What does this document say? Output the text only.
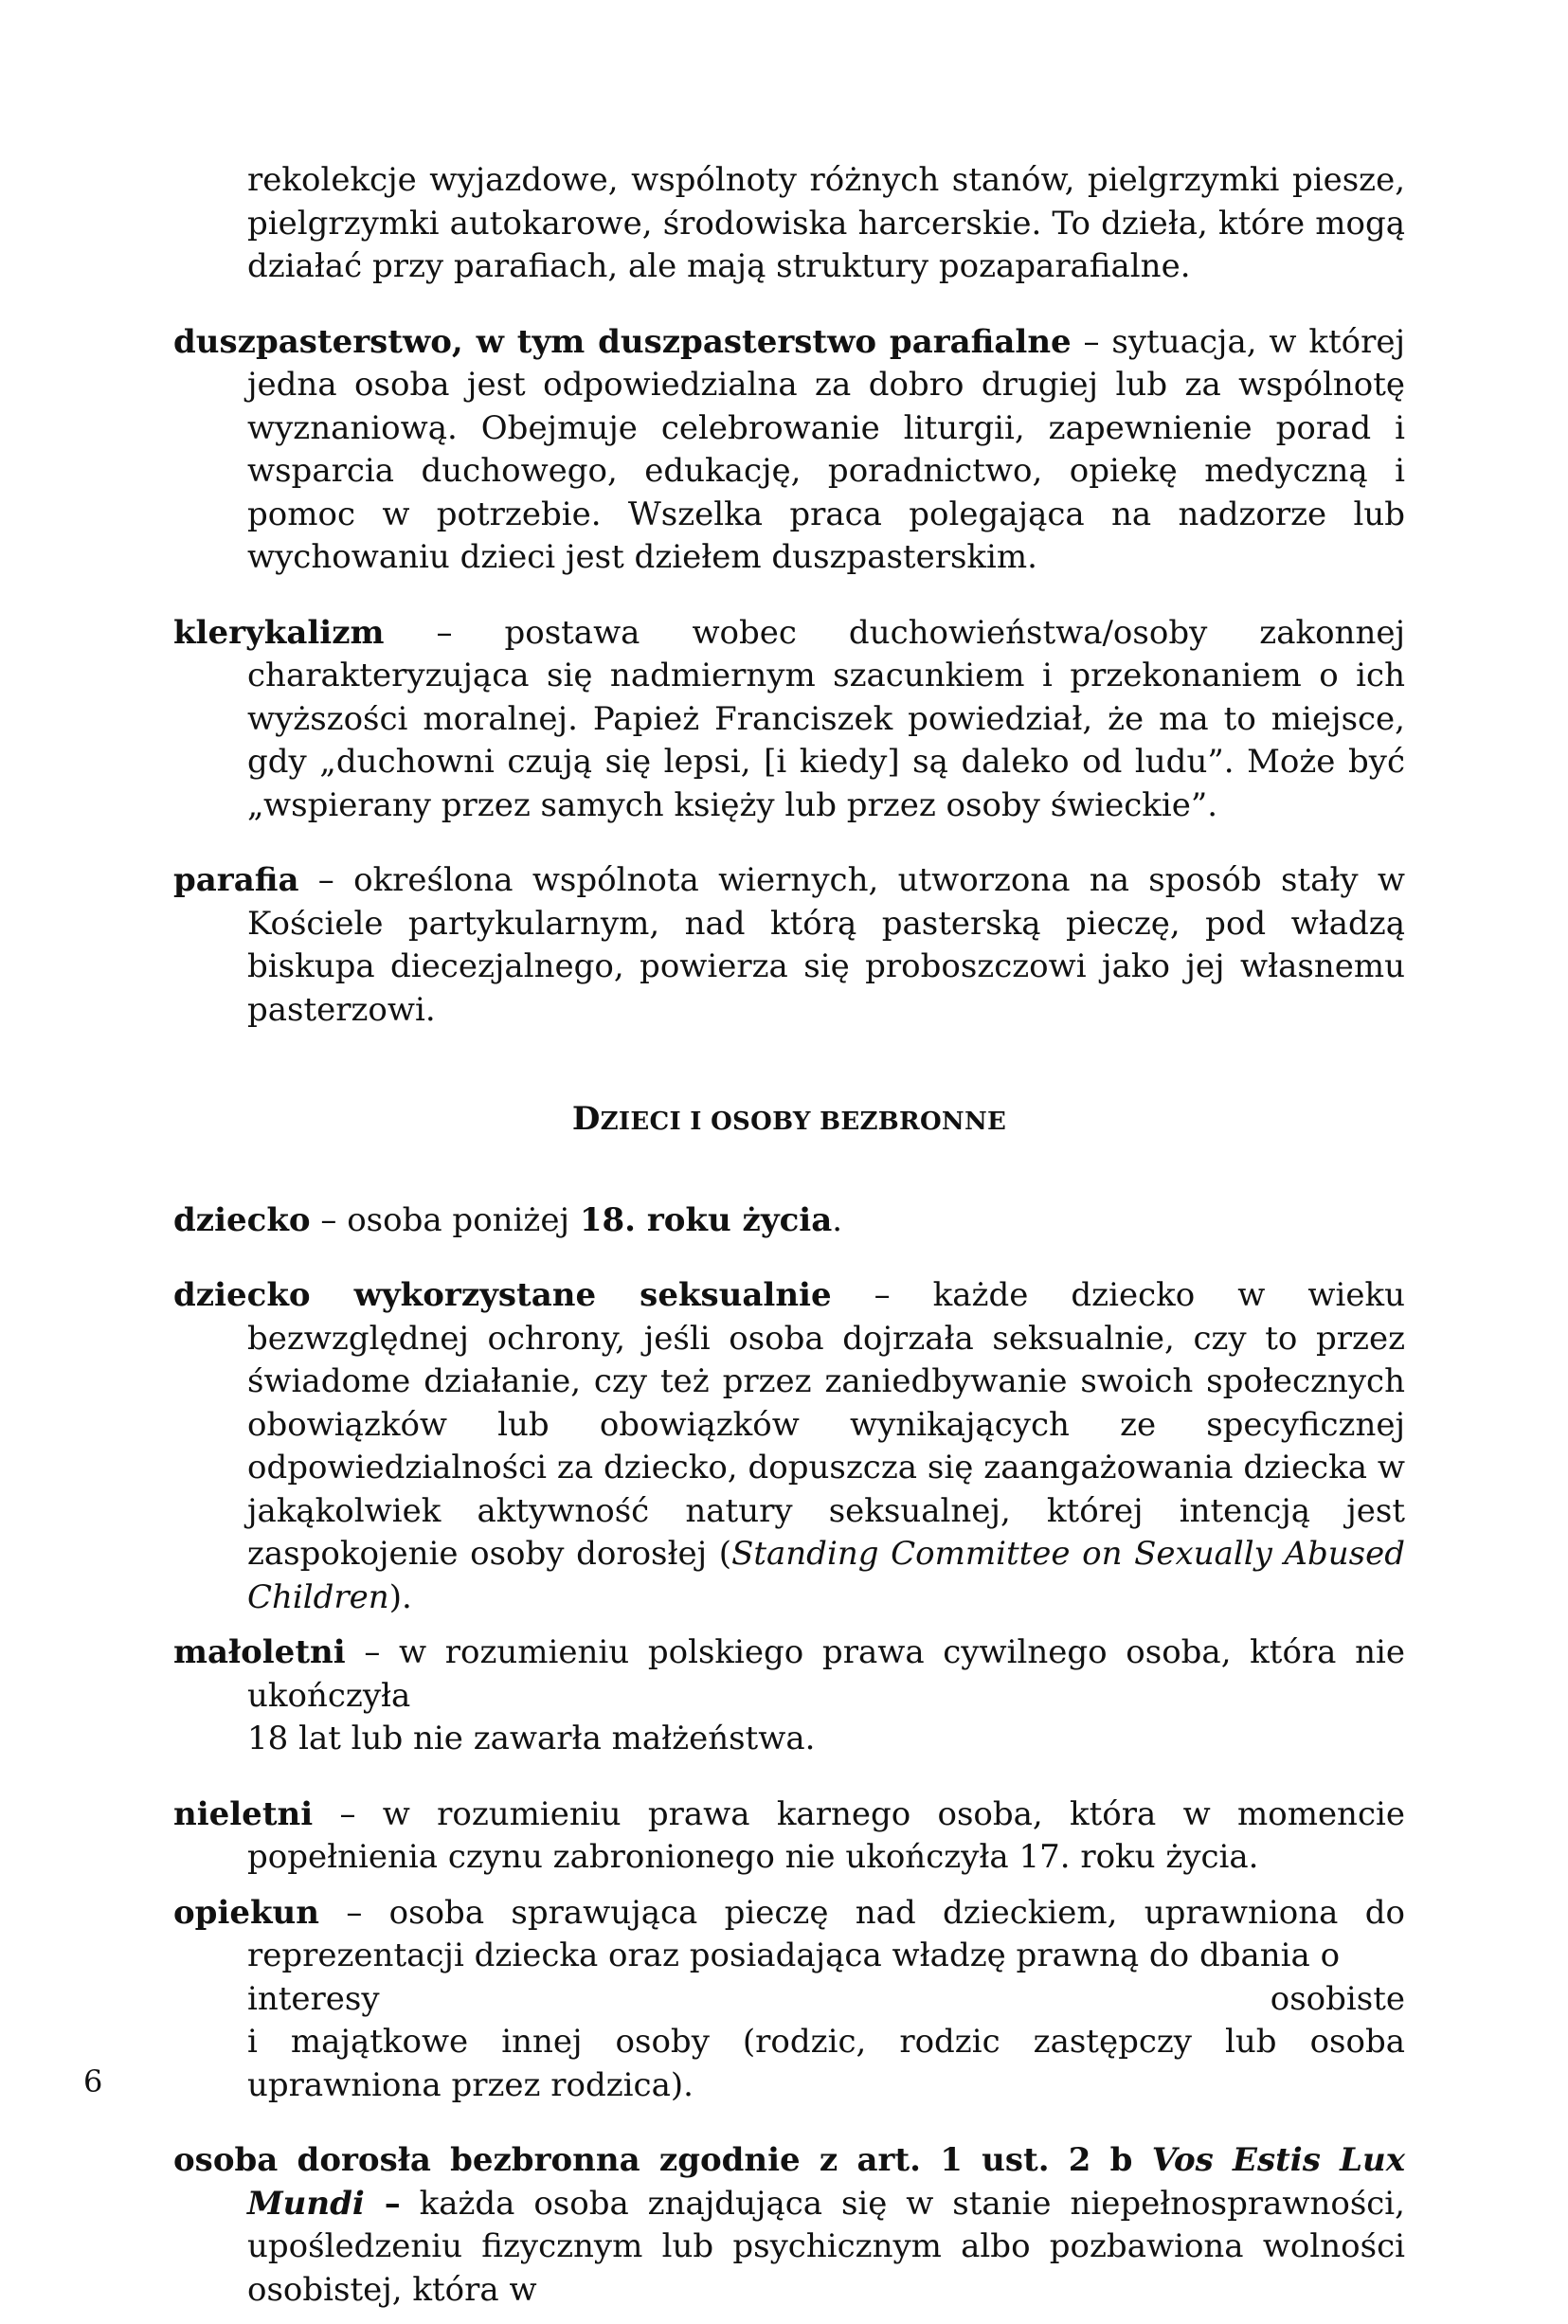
rekolekcje wyjazdowe, wspólnoty różnych stanów, pielgrzymki piesze, pielgrzymki autokarowe, środowiska harcerskie. To dzieła, które mogą działać przy parafiach, ale mają struktury pozaparafialne.

duszpasterstwo, w tym duszpasterstwo parafialne – sytuacja, w której jedna osoba jest odpowiedzialna za dobro drugiej lub za wspólnotę wyznaniową. Obejmuje celebrowanie liturgii, zapewnienie porad i wsparcia duchowego, edukację, poradnictwo, opiekę medyczną i pomoc w potrzebie. Wszelka praca polegająca na nadzorze lub wychowaniu dzieci jest dziełem duszpasterskim.

klerykalizm – postawa wobec duchowieństwa/osoby zakonnej charakteryzująca się nadmiernym szacunkiem i przekonaniem o ich wyższości moralnej. Papież Franciszek powiedział, że ma to miejsce, gdy „duchowni czują się lepsi, [i kiedy] są daleko od ludu”. Może być „wspierany przez samych księży lub przez osoby świeckie”.

parafia – określona wspólnota wiernych, utworzona na sposób stały w Kościele partykularnym, nad którą pasterską pieczę, pod władzą biskupa diecezjalnego, powierza się proboszczowi jako jej własnemu pasterzowi.

DZIECI I OSOBY BEZBRONNE

dziecko – osoba poniżej 18. roku życia.

dziecko wykorzystane seksualnie – każde dziecko w wieku bezwzględnej ochrony, jeśli osoba dojrzała seksualnie, czy to przez świadome działanie, czy też przez zaniedbywanie swoich społecznych obowiązków lub obowiązków wynikających ze specyficznej odpowiedzialności za dziecko, dopuszcza się zaangażowania dziecka w jakąkolwiek aktywność natury seksualnej, której intencją jest zaspokojenie osoby dorosłej (Standing Committee on Sexually Abused Children).

małoletni – w rozumieniu polskiego prawa cywilnego osoba, która nie ukończyła
18 lat lub nie zawarła małżeństwa.

nieletni – w rozumieniu prawa karnego osoba, która w momencie popełnienia czynu zabronionego nie ukończyła 17. roku życia.

opiekun – osoba sprawująca pieczę nad dzieckiem, uprawniona do reprezentacji dziecka oraz posiadająca władzę prawną do dbania o
interesy	osobiste
i majątkowe innej osoby (rodzic, rodzic zastępczy lub osoba uprawniona przez rodzica).

osoba dorosła bezbronna zgodnie z art. 1 ust. 2 b Vos Estis Lux Mundi – każda osoba znajdująca się w stanie niepełnosprawności, upośledzeniu fizycznym lub psychicznym albo pozbawiona wolności osobistej, która w

6
